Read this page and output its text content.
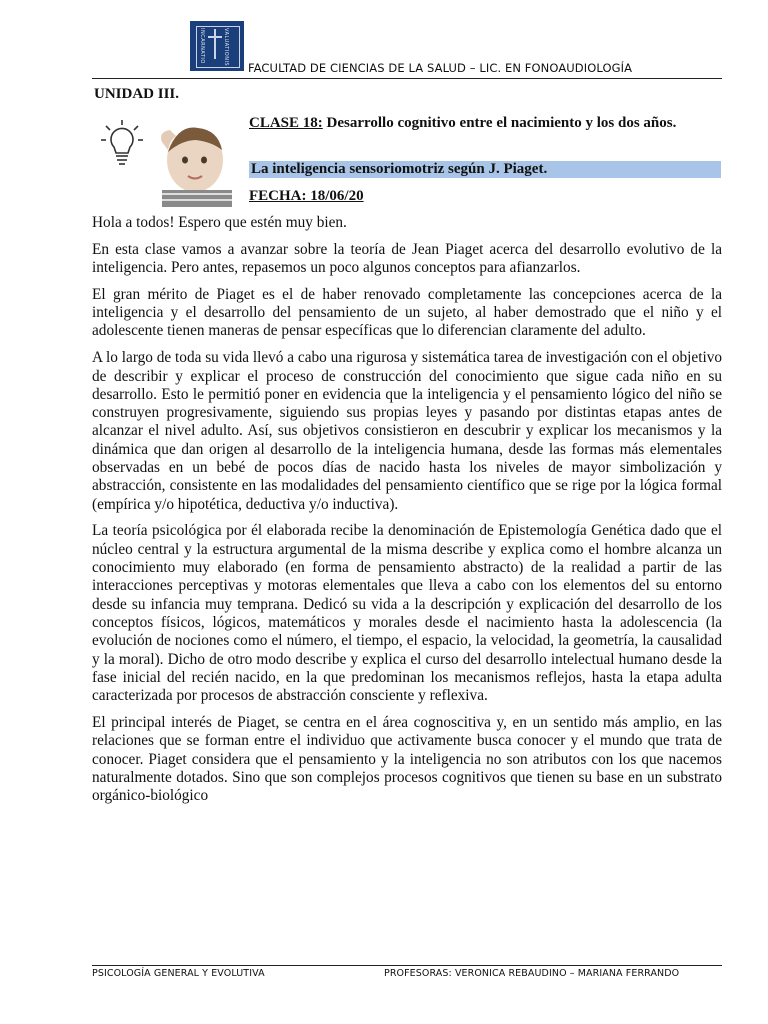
INCARNATIO	VALUATIONIS
FACULTAD DE CIENCIAS DE LA SALUD – LIC. EN FONOAUDIOLOGÍA
UNIDAD III.
CLASE 18: Desarrollo cognitivo entre el nacimiento y los dos años.
La inteligencia sensoriomotriz según J. Piaget.
FECHA: 18/06/20

Hola a todos! Espero que estén muy bien.

En esta clase vamos a avanzar sobre la teoría de Jean Piaget acerca del desarrollo evolutivo de la inteligencia. Pero antes, repasemos un poco algunos conceptos para afianzarlos.

El gran mérito de Piaget es el de haber renovado completamente las concepciones acerca de la inteligencia y el desarrollo del pensamiento de un sujeto, al haber demostrado que el niño y el adolescente tienen maneras de pensar específicas que lo diferencian claramente del adulto.

A lo largo de toda su vida llevó a cabo una rigurosa y sistemática tarea de investigación con el objetivo de describir y explicar el proceso de construcción del conocimiento que sigue cada niño en su desarrollo. Esto le permitió poner en evidencia que la inteligencia y el pensamiento lógico del niño se construyen progresivamente, siguiendo sus propias leyes y pasando por distintas etapas antes de alcanzar el nivel adulto. Así, sus objetivos consistieron en descubrir y explicar los mecanismos y la dinámica que dan origen al desarrollo de la inteligencia humana, desde las formas más elementales observadas en un bebé de pocos días de nacido hasta los niveles de mayor simbolización y abstracción, consistente en las modalidades del pensamiento científico que se rige por la lógica formal (empírica y/o hipotética, deductiva y/o inductiva).

La teoría psicológica por él elaborada recibe la denominación de Epistemología Genética dado que el núcleo central y la estructura argumental de la misma describe y explica como el hombre alcanza un conocimiento muy elaborado (en forma de pensamiento abstracto) de la realidad a partir de las interacciones perceptivas y motoras elementales que lleva a cabo con los elementos del su entorno desde su infancia muy temprana. Dedicó su vida a la descripción y explicación del desarrollo de los conceptos físicos, lógicos, matemáticos y morales desde el nacimiento hasta la adolescencia (la evolución de nociones como el número, el tiempo, el espacio, la velocidad, la geometría, la causalidad y la moral). Dicho de otro modo describe y explica el curso del desarrollo intelectual humano desde la fase inicial del recién nacido, en la que predominan los mecanismos reflejos, hasta la etapa adulta caracterizada por procesos de abstracción consciente y reflexiva.

El principal interés de Piaget, se centra en el área cognoscitiva y, en un sentido más amplio, en las relaciones que se forman entre el individuo que activamente busca conocer y el mundo que trata de conocer. Piaget considera que el pensamiento y la inteligencia no son atributos con los que nacemos naturalmente dotados. Sino que son complejos procesos cognitivos que tienen su base en un substrato orgánico-biológico

PSICOLOGÍA GENERAL Y EVOLUTIVA	PROFESORAS: VERONICA REBAUDINO – MARIANA FERRANDO
